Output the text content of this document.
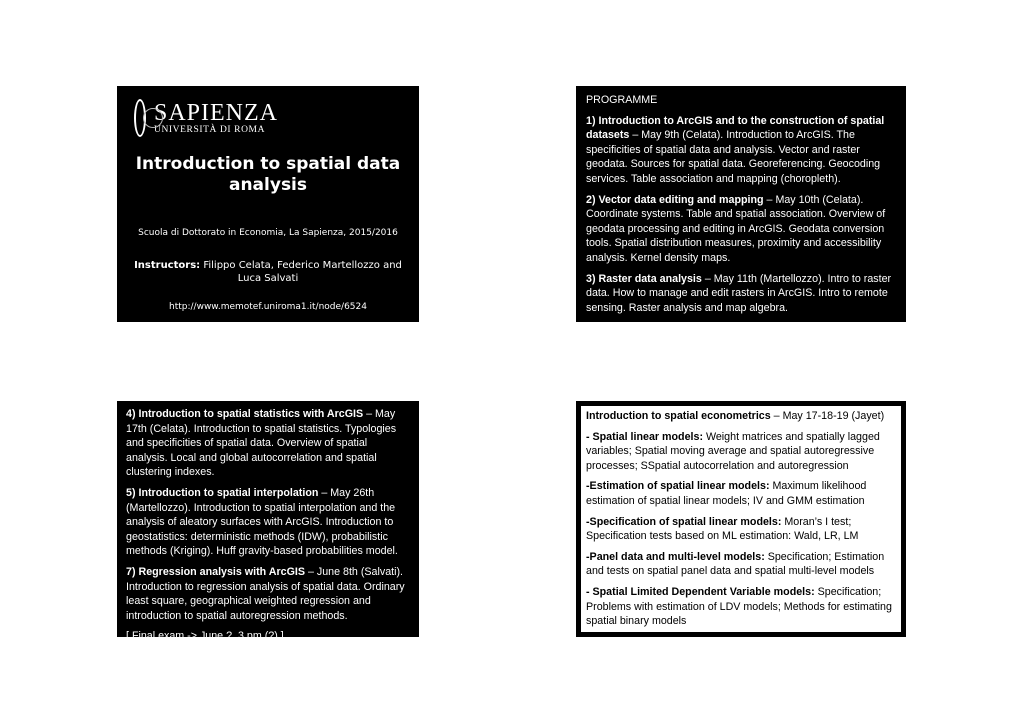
SAPIENZA
UNIVERSITÀ DI ROMA
Introduction to spatial data analysis
Scuola di Dottorato in Economia, La Sapienza, 2015/2016
Instructors: Filippo Celata, Federico Martellozzo and Luca Salvati
http://www.memotef.uniroma1.it/node/6524
PROGRAMME

1) Introduction to ArcGIS and to the construction of spatial datasets – May 9th (Celata). Introduction to ArcGIS. The specificities of spatial data and analysis. Vector and raster geodata. Sources for spatial data. Georeferencing. Geocoding services. Table association and mapping (choropleth).

2) Vector data editing and mapping – May 10th (Celata). Coordinate systems. Table and spatial association. Overview of geodata processing and editing in ArcGIS. Geodata conversion tools. Spatial distribution measures, proximity and accessibility analysis. Kernel density maps.

3) Raster data analysis – May 11th (Martellozzo). Intro to raster data. How to manage and edit rasters in ArcGIS. Intro to remote sensing. Raster analysis and map algebra.

4) Introduction to spatial statistics with ArcGIS – May 17th (Celata). Introduction to spatial statistics. Typologies and specificities of spatial data. Overview of spatial analysis. Local and global autocorrelation and spatial clustering indexes.

5) Introduction to spatial interpolation – May 26th (Martellozzo). Introduction to spatial interpolation and the analysis of aleatory surfaces with ArcGIS. Introduction to geostatistics: deterministic methods (IDW), probabilistic methods (Kriging). Huff gravity-based probabilities model.

7) Regression analysis with ArcGIS – June 8th (Salvati). Introduction to regression analysis of spatial data. Ordinary least square, geographical weighted regression and introduction to spatial autoregression methods.

[ Final exam -> June ?, 3 pm (?) ]

Introduction to spatial econometrics – May 17-18-19 (Jayet)

- Spatial linear models: Weight matrices and spatially lagged variables; Spatial moving average and spatial autoregressive processes; SSpatial autocorrelation and autoregression

-Estimation of spatial linear models: Maximum likelihood estimation of spatial linear models; IV and GMM estimation

-Specification of spatial linear models: Moran’s I test; Specification tests based on ML estimation: Wald, LR, LM

-Panel data and multi-level models: Specification; Estimation and tests on spatial panel data and spatial multi-level models

- Spatial Limited Dependent Variable models: Specification; Problems with estimation of LDV models; Methods for estimating spatial binary models
